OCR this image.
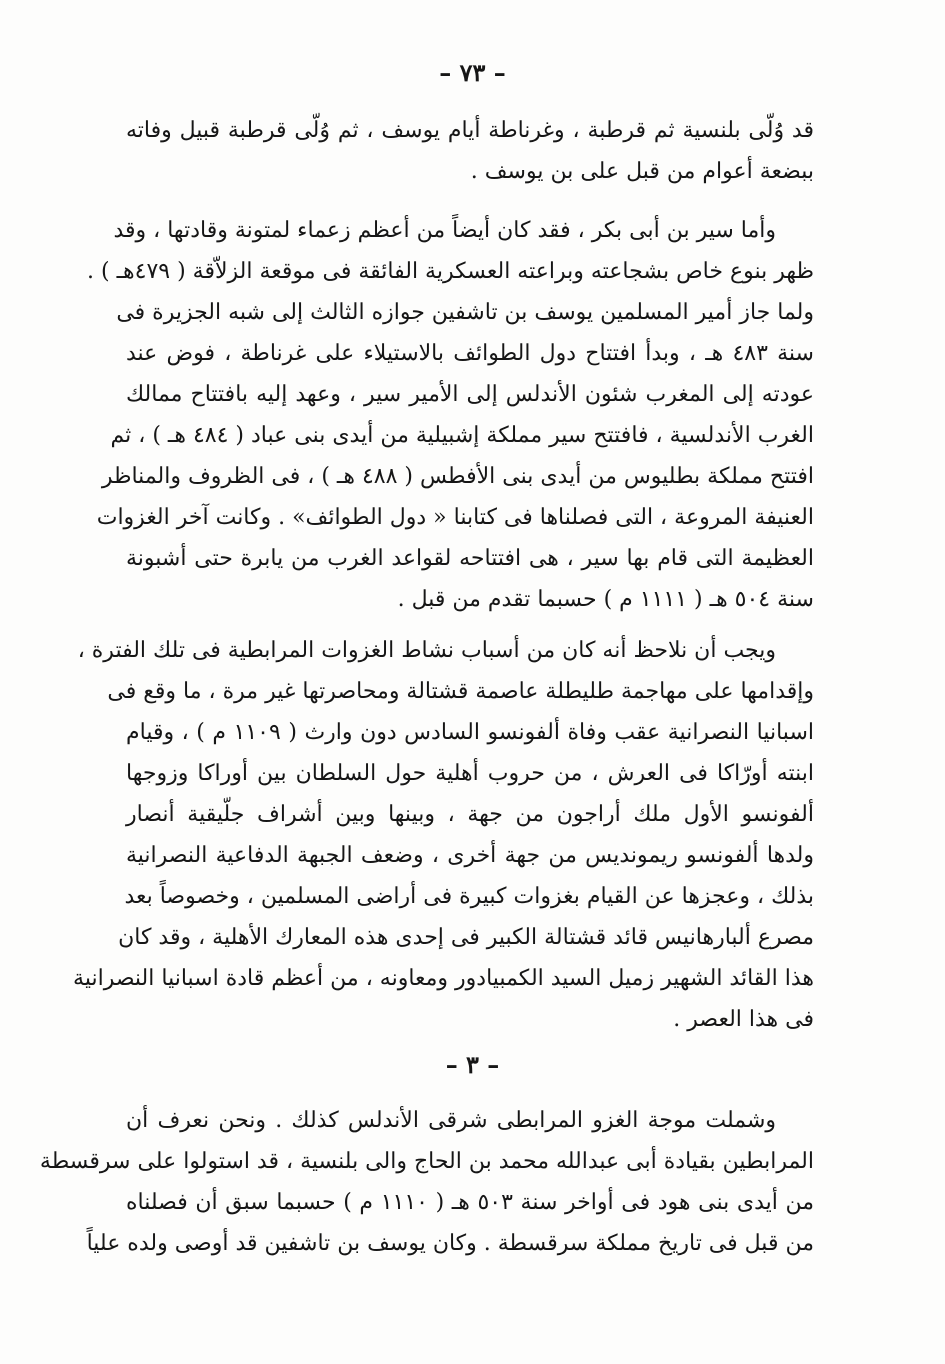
– ٧٣ –
قد وُلّى بلنسية ثم قرطبة ، وغرناطة أيام يوسف ، ثم وُلّى قرطبة قبيل وفاته
ببضعة أعوام من قبل على بن يوسف .
وأما سير بن أبى بكر ، فقد كان أيضاً من أعظم زعماء لمتونة وقادتها ، وقد
ظهر بنوع خاص بشجاعته وبراعته العسكرية الفائقة فى موقعة الزلاّقة ( ٤٧٩هـ ) .
ولما جاز أمير المسلمين يوسف بن تاشفين جوازه الثالث إلى شبه الجزيرة فى
سنة ٤٨٣ هـ ، وبدأ افتتاح دول الطوائف بالاستيلاء على غرناطة ، فوض عند
عودته إلى المغرب شئون الأندلس إلى الأمير سير ، وعهد إليه بافتتاح ممالك
الغرب الأندلسية ، فافتتح سير مملكة إشبيلية من أيدى بنى عباد ( ٤٨٤ هـ ) ، ثم
افتتح مملكة بطليوس من أيدى بنى الأفطس ( ٤٨٨ هـ ) ، فى الظروف والمناظر
العنيفة المروعة ، التى فصلناها فى كتابنا « دول الطوائف» . وكانت آخر الغزوات
العظيمة التى قام بها سير ، هى افتتاحه لقواعد الغرب من يابرة حتى أشبونة
سنة ٥٠٤ هـ ( ١١١١ م ) حسبما تقدم من قبل .
ويجب أن نلاحظ أنه كان من أسباب نشاط الغزوات المرابطية فى تلك الفترة ،
وإقدامها على مهاجمة طليطلة عاصمة قشتالة ومحاصرتها غير مرة ، ما وقع فى
اسبانيا النصرانية عقب وفاة ألفونسو السادس دون وارث ( ١١٠٩ م ) ، وقيام
ابنته أورّاكا فى العرش ، من حروب أهلية حول السلطان بين أوراكا وزوجها
ألفونسو الأول ملك أراجون من جهة ، وبينها وبين أشراف جلّيقية أنصار
ولدها ألفونسو ريموندیس من جهة أخرى ، وضعف الجبهة الدفاعية النصرانية
بذلك ، وعجزها عن القيام بغزوات كبيرة فى أراضى المسلمين ، وخصوصاً بعد
مصرع ألبارهانيس قائد قشتالة الكبير فى إحدى هذه المعارك الأهلية ، وقد كان
هذا القائد الشهير زميل السيد الكمبيادور ومعاونه ، من أعظم قادة اسبانيا النصرانية
فى هذا العصر .
– ٣ –
وشملت موجة الغزو المرابطى شرقى الأندلس كذلك . ونحن نعرف أن
المرابطين بقيادة أبى عبدالله محمد بن الحاج والى بلنسية ، قد استولوا على سرقسطة
من أيدى بنى هود فى أواخر سنة ٥٠٣ هـ ( ١١١٠ م ) حسبما سبق أن فصلناه
من قبل فى تاريخ مملكة سرقسطة . وكان يوسف بن تاشفين قد أوصى ولده علياً
